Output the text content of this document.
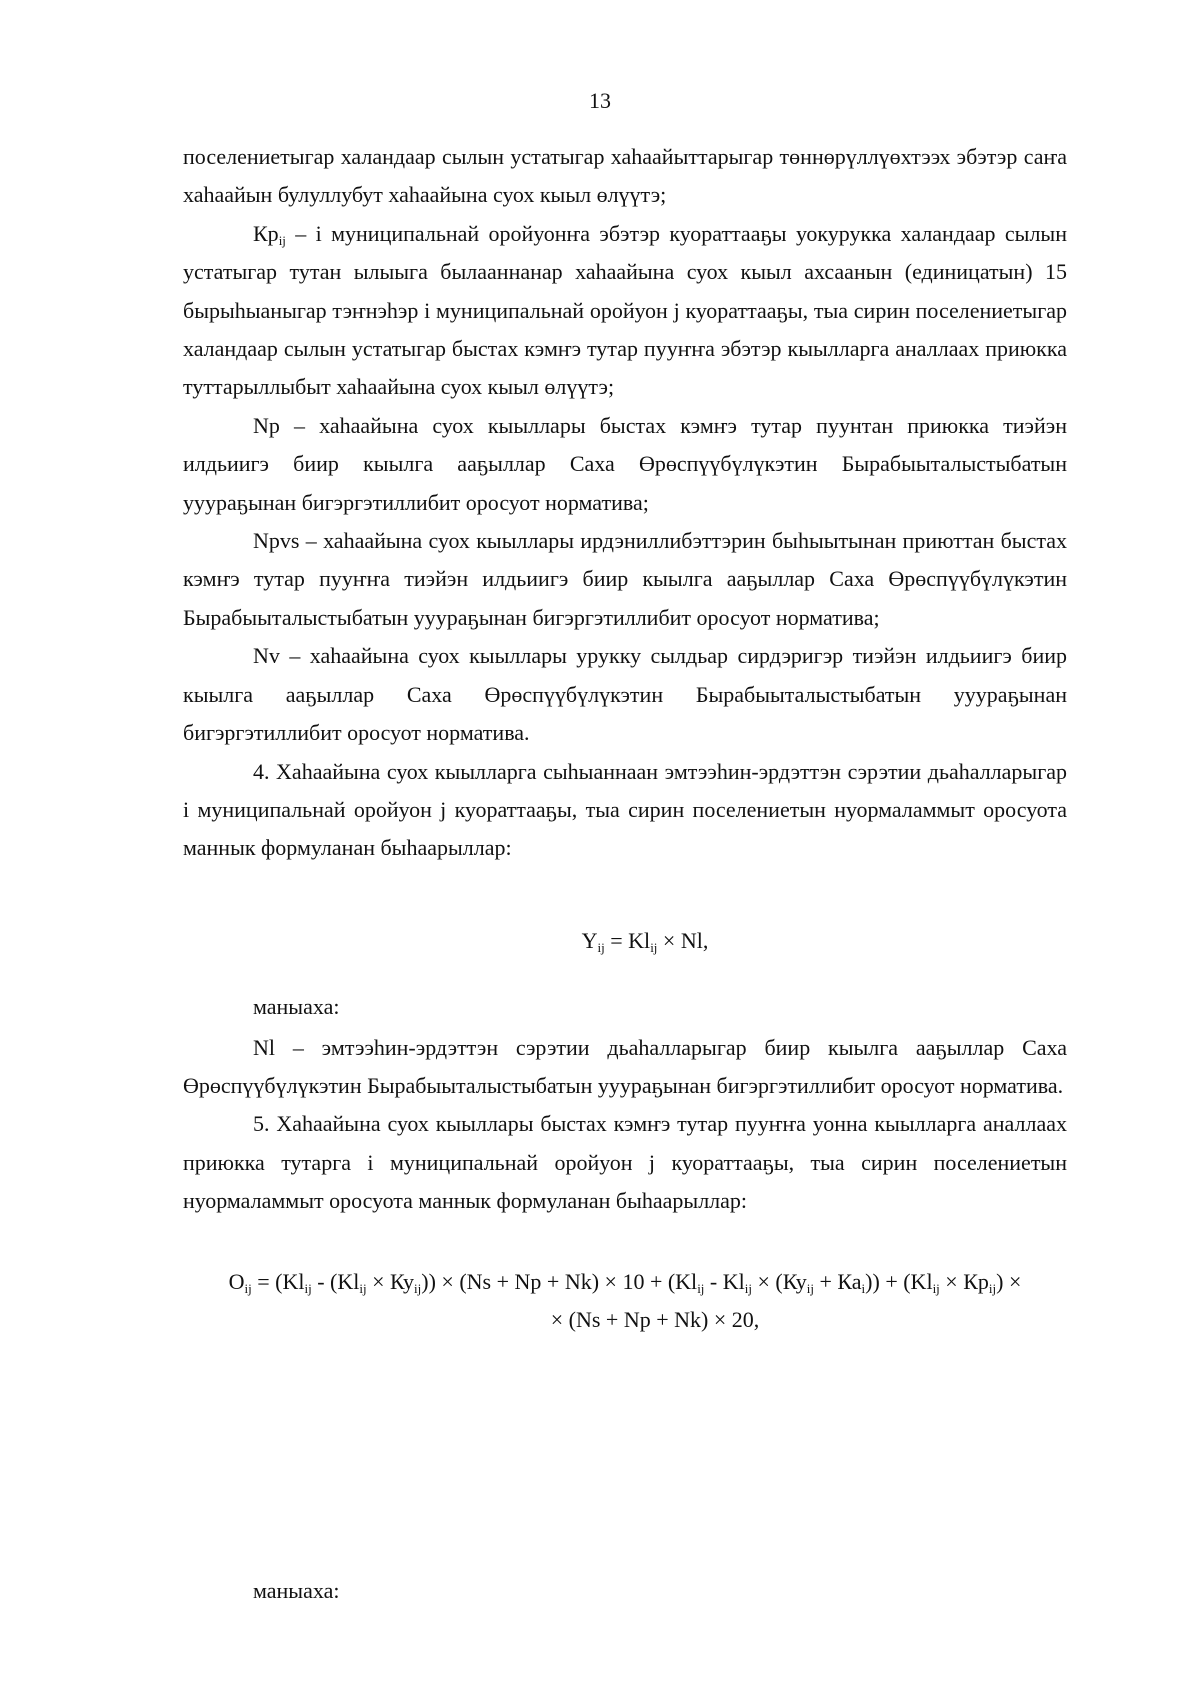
13

поселениетыгар халандаар сылын устатыгар хаhаайыттарыгар төннөрүллүөхтээх эбэтэр саҥа хаhаайын булуллубут хаhаайына суох кыыл өлүүтэ;

$Кр_{ij}$ – i муниципальнай оройуонҥа эбэтэр куораттааҕы уокурукка халандаар сылын устатыгар тутан ылыыга былааннанар хаhаайына суох кыыл ахсаанын (единицатын) 15 бырыhыаныгар тэҥнэhэр i муниципальнай оройуон j куораттааҕы, тыа сирин поселениетыгар халандаар сылын устатыгар быстах кэмҥэ тутар пууҥҥа эбэтэр кыылларга аналлаах приюкка туттарыллыбыт хаhаайына суох кыыл өлүүтэ;

Np – хаhаайына суох кыыллары быстах кэмҥэ тутар пуунтан приюкка тиэйэн илдьиигэ биир кыылга ааҕыллар Саха Өрөспүүбүлүкэтин Бырабыыталыстыбатын ууураҕынан бигэргэтиллибит оросуот норматива;

Npvs – хаhаайына суох кыыллары ирдэниллибэттэрин быhыытынан приюттан быстах кэмҥэ тутар пууҥҥа тиэйэн илдьиигэ биир кыылга ааҕыллар Саха Өрөспүүбүлүкэтин Бырабыыталыстыбатын ууураҕынан бигэргэтиллибит оросуот норматива;

Nv – хаhаайына суох кыыллары урукку сылдьар сирдэригэр тиэйэн илдьиигэ биир кыылга ааҕыллар Саха Өрөспүүбүлүкэтин Бырабыыталыстыбатын ууураҕынан бигэргэтиллибит оросуот норматива.

4. Хаhаайына суох кыылларга сыhыаннаан эмтээhин-эрдэттэн сэрэтии дьаhалларыгар i муниципальнай оройуон j куораттааҕы, тыа сирин поселениетын нуормаламмыт оросуота маннык формуланан быhаарыллар:

$Y_{ij} = Kl_{ij} \times Nl$,

маныаха:

Nl – эмтээhин-эрдэттэн сэрэтии дьаhалларыгар биир кыылга ааҕыллар Саха Өрөспүүбүлүкэтин Бырабыыталыстыбатын ууураҕынан бигэргэтиллибит оросуот норматива.

5. Хаhаайына суох кыыллары быстах кэмҥэ тутар пууҥҥа уонна кыылларга аналлаах приюкка тутарга i муниципальнай оройуон j куораттааҕы, тыа сирин поселениетын нуормаламмыт оросуота маннык формуланан быhаарыллар:

$O_{ij} = (Kl_{ij} - (Kl_{ij} \times Ку_{ij})) \times (Ns + Np + Nk) \times 10 + (Kl_{ij} - Kl_{ij} \times (Ку_{ij} + Ка_i)) + (Kl_{ij} \times Кр_{ij})$ ×
× (Ns + Np + Nk) × 20,
маныаха:
